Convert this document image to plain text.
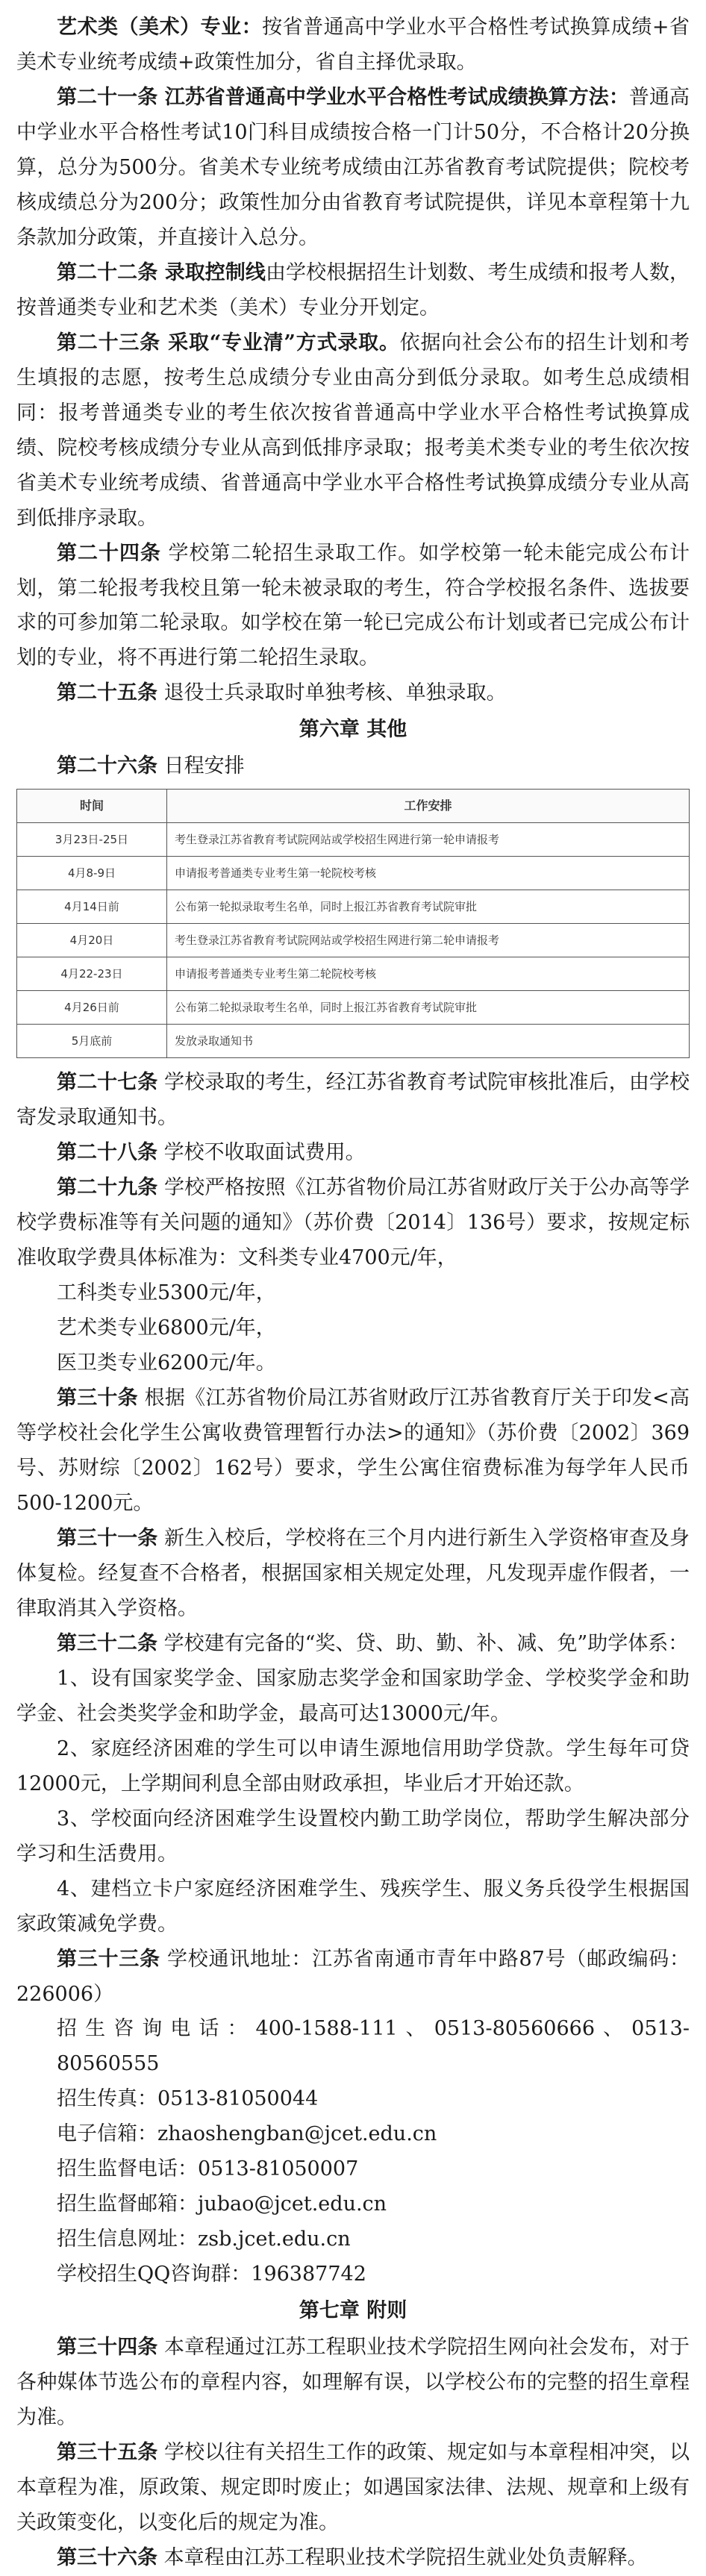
艺术类（美术）专业：按省普通高中学业水平合格性考试换算成绩+省美术专业统考成绩+政策性加分，省自主择优录取。

第二十一条 江苏省普通高中学业水平合格性考试成绩换算方法：普通高中学业水平合格性考试10门科目成绩按合格一门计50分，不合格计20分换算，总分为500分。省美术专业统考成绩由江苏省教育考试院提供；院校考核成绩总分为200分；政策性加分由省教育考试院提供，详见本章程第十九条款加分政策，并直接计入总分。

第二十二条 录取控制线由学校根据招生计划数、考生成绩和报考人数，按普通类专业和艺术类（美术）专业分开划定。

第二十三条 采取“专业清”方式录取。依据向社会公布的招生计划和考生填报的志愿，按考生总成绩分专业由高分到低分录取。如考生总成绩相同：报考普通类专业的考生依次按省普通高中学业水平合格性考试换算成绩、院校考核成绩分专业从高到低排序录取；报考美术类专业的考生依次按省美术专业统考成绩、省普通高中学业水平合格性考试换算成绩分专业从高到低排序录取。

第二十四条 学校第二轮招生录取工作。如学校第一轮未能完成公布计划，第二轮报考我校且第一轮未被录取的考生，符合学校报名条件、选拔要求的可参加第二轮录取。如学校在第一轮已完成公布计划或者已完成公布计划的专业，将不再进行第二轮招生录取。

第二十五条 退役士兵录取时单独考核、单独录取。

第六章 其他

第二十六条 日程安排

时间	工作安排
3月23日-25日	考生登录江苏省教育考试院网站或学校招生网进行第一轮申请报考
4月8-9日	申请报考普通类专业考生第一轮院校考核
4月14日前	公布第一轮拟录取考生名单，同时上报江苏省教育考试院审批
4月20日	考生登录江苏省教育考试院网站或学校招生网进行第二轮申请报考
4月22-23日	申请报考普通类专业考生第二轮院校考核
4月26日前	公布第二轮拟录取考生名单，同时上报江苏省教育考试院审批
5月底前	发放录取通知书

第二十七条 学校录取的考生，经江苏省教育考试院审核批准后，由学校寄发录取通知书。

第二十八条 学校不收取面试费用。

第二十九条 学校严格按照《江苏省物价局江苏省财政厅关于公办高等学校学费标准等有关问题的通知》（苏价费〔2014〕136号）要求，按规定标准收取学费具体标准为：文科类专业4700元/年，

工科类专业5300元/年，

艺术类专业6800元/年，

医卫类专业6200元/年。

第三十条 根据《江苏省物价局江苏省财政厅江苏省教育厅关于印发<高等学校社会化学生公寓收费管理暂行办法>的通知》（苏价费〔2002〕369号、苏财综〔2002〕162号）要求，学生公寓住宿费标准为每学年人民币500-1200元。

第三十一条 新生入校后，学校将在三个月内进行新生入学资格审查及身体复检。经复查不合格者，根据国家相关规定处理，凡发现弄虚作假者，一律取消其入学资格。

第三十二条 学校建有完备的“奖、贷、助、勤、补、减、免”助学体系：

1、设有国家奖学金、国家励志奖学金和国家助学金、学校奖学金和助学金、社会类奖学金和助学金，最高可达13000元/年。

2、家庭经济困难的学生可以申请生源地信用助学贷款。学生每年可贷12000元，上学期间利息全部由财政承担，毕业后才开始还款。

3、学校面向经济困难学生设置校内勤工助学岗位，帮助学生解决部分学习和生活费用。

4、建档立卡户家庭经济困难学生、残疾学生、服义务兵役学生根据国家政策减免学费。

第三十三条 学校通讯地址：江苏省南通市青年中路87号（邮政编码：226006）

招生咨询电话：400-1588-111、0513-80560666、0513-80560555

招生传真：0513-81050044

电子信箱：zhaoshengban@jcet.edu.cn

招生监督电话：0513-81050007

招生监督邮箱：jubao@jcet.edu.cn

招生信息网址：zsb.jcet.edu.cn

学校招生QQ咨询群：196387742

第七章 附则

第三十四条 本章程通过江苏工程职业技术学院招生网向社会发布，对于各种媒体节选公布的章程内容，如理解有误，以学校公布的完整的招生章程为准。

第三十五条 学校以往有关招生工作的政策、规定如与本章程相冲突，以本章程为准，原政策、规定即时废止；如遇国家法律、法规、规章和上级有关政策变化，以变化后的规定为准。

第三十六条 本章程由江苏工程职业技术学院招生就业处负责解释。
